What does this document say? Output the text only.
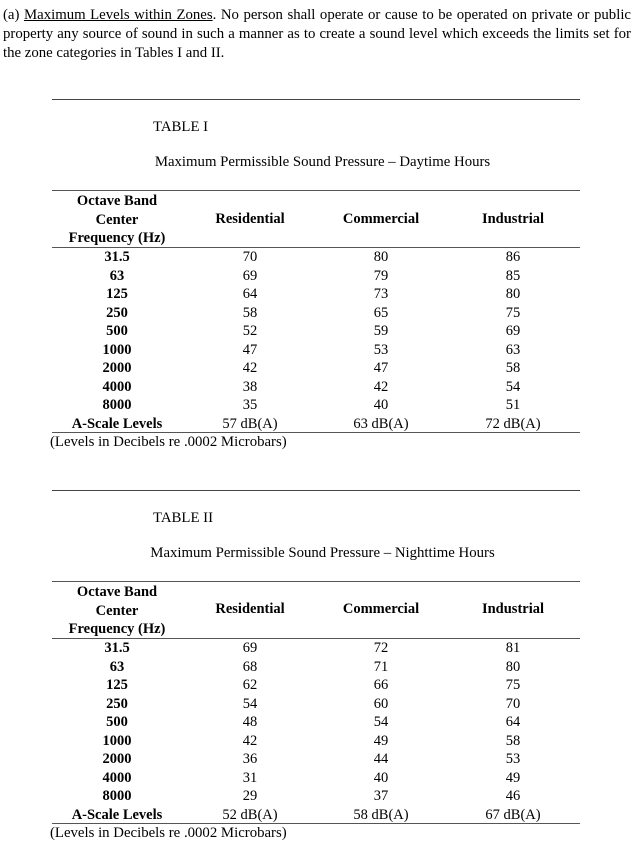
(a) Maximum Levels within Zones. No person shall operate or cause to be operated on private or public property any source of sound in such a manner as to create a sound level which exceeds the limits set for the zone categories in Tables I and II.

TABLE I
Maximum Permissible Sound Pressure – Daytime Hours
Octave Band
Center
Frequency (Hz)
Residential	Commercial	Industrial
31.5	70	80	86
63	69	79	85
125	64	73	80
250	58	65	75
500	52	59	69
1000	47	53	63
2000	42	47	58
4000	38	42	54
8000	35	40	51
A-Scale Levels	57 dB(A)	63 dB(A)	72 dB(A)
(Levels in Decibels re .0002 Microbars)
TABLE II
Maximum Permissible Sound Pressure – Nighttime Hours
Octave Band
Center
Frequency (Hz)
Residential	Commercial	Industrial
31.5	69	72	81
63	68	71	80
125	62	66	75
250	54	60	70
500	48	54	64
1000	42	49	58
2000	36	44	53
4000	31	40	49
8000	29	37	46
A-Scale Levels	52 dB(A)	58 dB(A)	67 dB(A)
(Levels in Decibels re .0002 Microbars)
